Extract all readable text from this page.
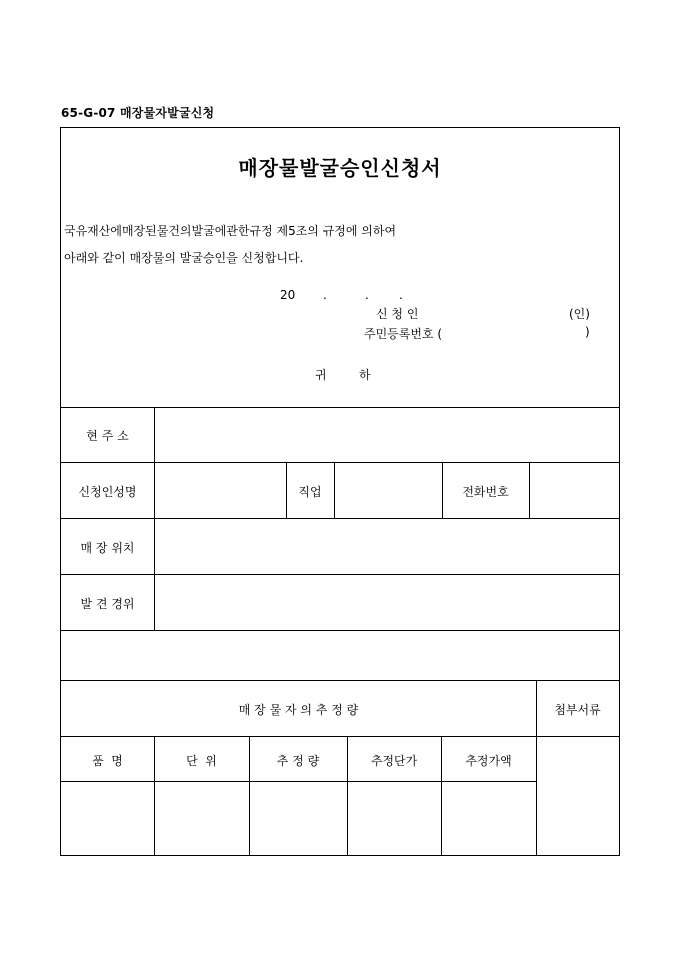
65-G-07 매장물자발굴신청
매장물발굴승인신청서
국유재산에매장된물건의발굴에관한규정 제5조의 규정에 의하여
아래와 같이 매장물의 발굴승인을 신청합니다.
20 .	.	.
신 청 인	(인)
주민등록번호 (	)
귀	하
현 주 소
신청인성명	직업	전화번호
매 장 위치
발 견 경위
매 장 물 자 의 추 정 량	첨부서류
품  명	단  위	추 정 량	추정단가	추정가액
